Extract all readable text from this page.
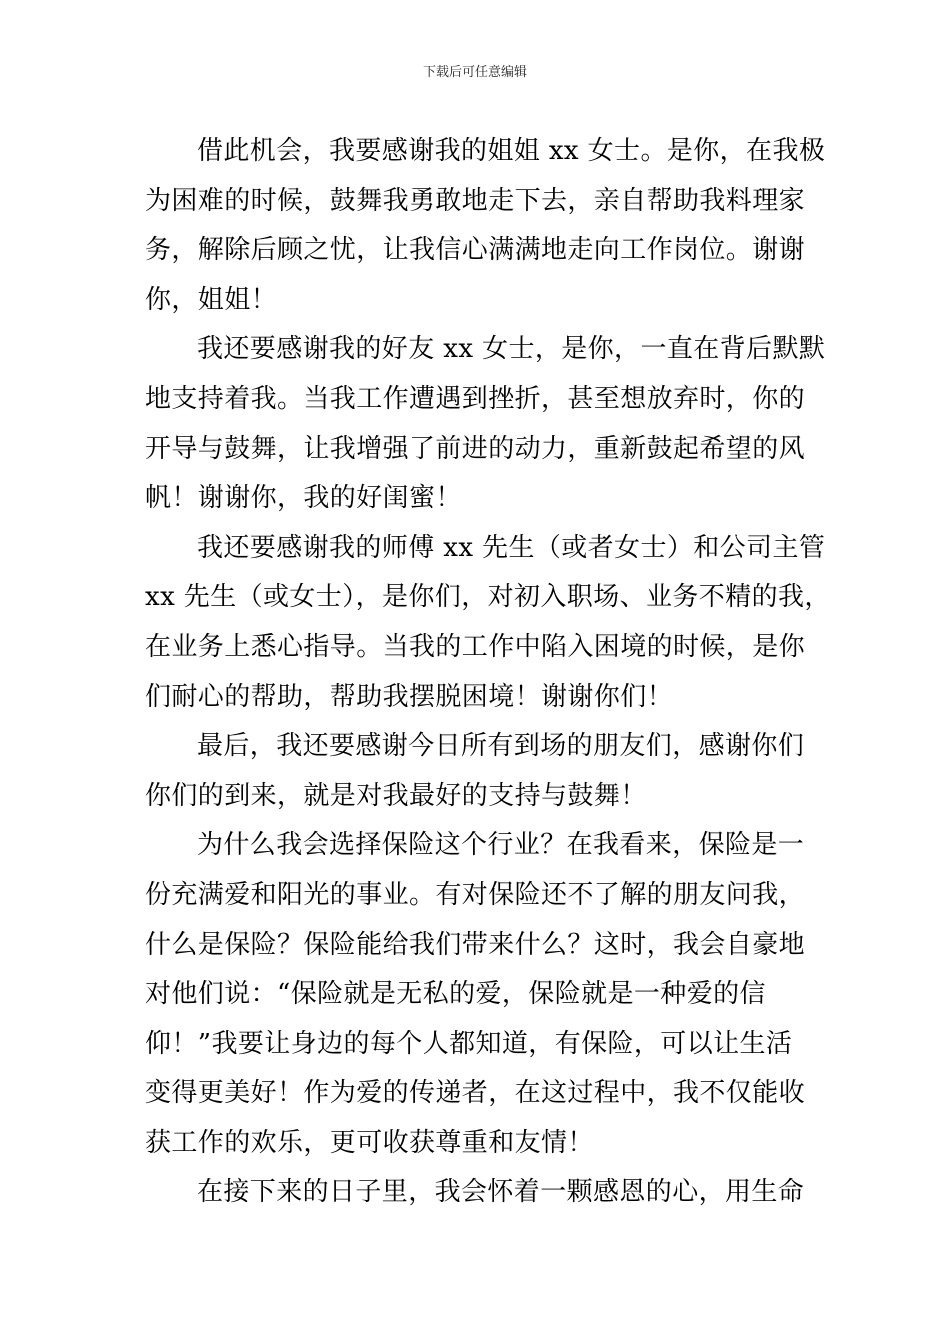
下载后可任意编辑

借此机会，我要感谢我的姐姐 xx 女士。是你，在我极
为困难的时候，鼓舞我勇敢地走下去，亲自帮助我料理家
务，解除后顾之忧，让我信心满满地走向工作岗位。谢谢
你，姐姐！

我还要感谢我的好友 xx 女士，是你，一直在背后默默
地支持着我。当我工作遭遇到挫折，甚至想放弃时，你的
开导与鼓舞，让我增强了前进的动力，重新鼓起希望的风
帆！谢谢你，我的好闺蜜！

我还要感谢我的师傅 xx 先生（或者女士）和公司主管
xx 先生（或女士），是你们，对初入职场、业务不精的我，
在业务上悉心指导。当我的工作中陷入困境的时候，是你
们耐心的帮助，帮助我摆脱困境！谢谢你们！

最后，我还要感谢今日所有到场的朋友们，感谢你们
你们的到来，就是对我最好的支持与鼓舞！

为什么我会选择保险这个行业？在我看来，保险是一
份充满爱和阳光的事业。有对保险还不了解的朋友问我，
什么是保险？保险能给我们带来什么？这时，我会自豪地
对他们说：“保险就是无私的爱，保险就是一种爱的信
仰！”我要让身边的每个人都知道，有保险，可以让生活
变得更美好！作为爱的传递者，在这过程中，我不仅能收
获工作的欢乐，更可收获尊重和友情！

在接下来的日子里，我会怀着一颗感恩的心，用生命
